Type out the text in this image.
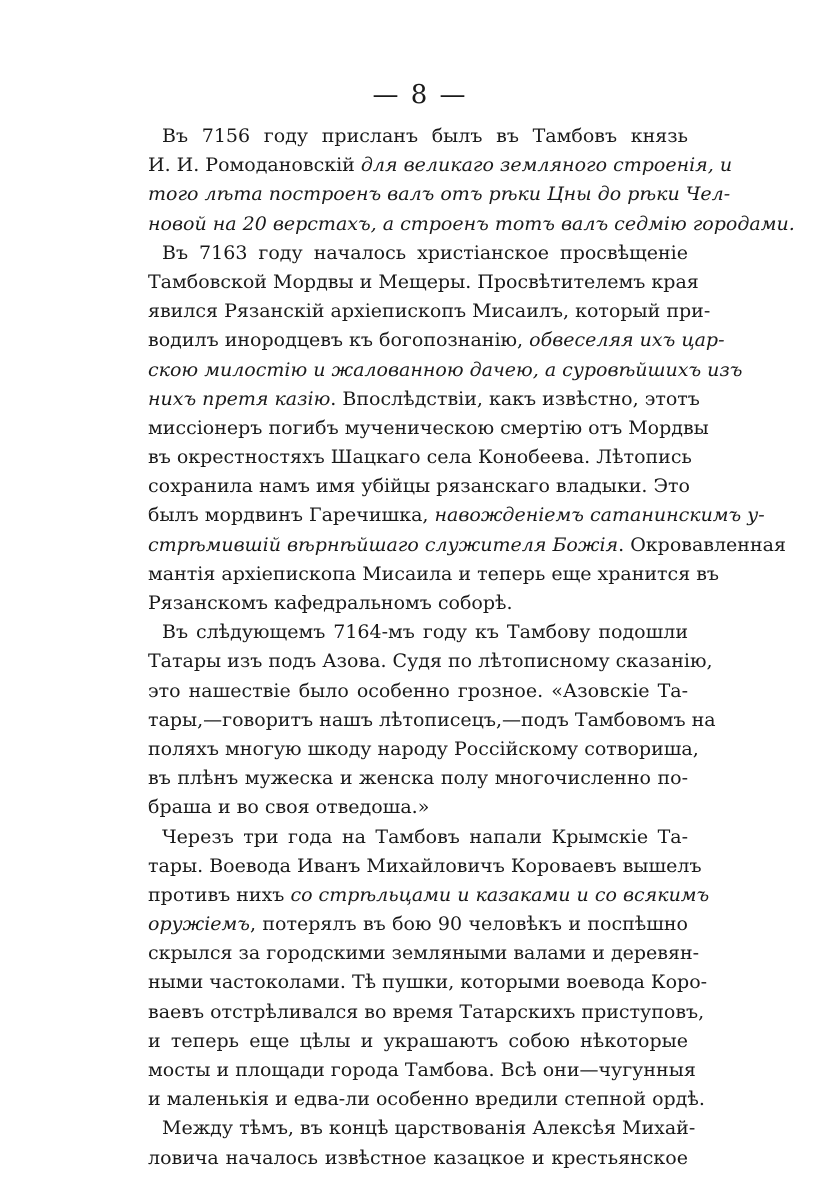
— 8 —
Въ 7156 году присланъ былъ въ Тамбовъ князь
И. И. Ромодановскій для великаго земляного строенія, и
того лѣта построенъ валъ отъ рѣки Цны до рѣки Чел-
новой на 20 верстахъ, а строенъ тотъ валъ седмію городами.
Въ 7163 году началось христіанское просвѣщеніе
Тамбовской Мордвы и Мещеры. Просвѣтителемъ края
явился Рязанскій архіепископъ Мисаилъ, который при-
водилъ инородцевъ къ богопознанію, обвеселяя ихъ цар-
скою милостію и жалованною дачею, а суровѣйшихъ изъ
нихъ претя казію. Впослѣдствіи, какъ извѣстно, этотъ
миссіонеръ погибъ мученическою смертію отъ Мордвы
въ окрестностяхъ Шацкаго села Конобеева. Лѣтопись
сохранила намъ имя убійцы рязанскаго владыки. Это
былъ мордвинъ Гаречишка, навожденіемъ сатанинскимъ у-
стрѣмившій вѣрнѣйшаго служителя Божія. Окровавленная
мантія архіепископа Мисаила и теперь еще хранится въ
Рязанскомъ кафедральномъ соборѣ.
Въ слѣдующемъ 7164-мъ году къ Тамбову подошли
Татары изъ подъ Азова. Судя по лѣтописному сказанію,
это нашествіе было особенно грозное. «Азовскіе Та-
тары,—говоритъ нашъ лѣтописецъ,—подъ Тамбовомъ на
поляхъ многую шкоду народу Россійскому сотвориша,
въ плѣнъ мужеска и женска полу многочисленно по-
браша и во своя отведоша.»
Черезъ три года на Тамбовъ напали Крымскіе Та-
тары. Воевода Иванъ Михайловичъ Короваевъ вышелъ
противъ нихъ со стрѣльцами и казаками и со всякимъ
оружіемъ, потерялъ въ бою 90 человѣкъ и поспѣшно
скрылся за городскими земляными валами и деревян-
ными частоколами. Тѣ пушки, которыми воевода Коро-
ваевъ отстрѣливался во время Татарскихъ приступовъ,
и теперь еще цѣлы и украшаютъ собою нѣкоторые
мосты и площади города Тамбова. Всѣ они—чугунныя
и маленькія и едва-ли особенно вредили степной ордѣ.
Между тѣмъ, въ концѣ царствованія Алексѣя Михай-
ловича началось извѣстное казацкое и крестьянское
